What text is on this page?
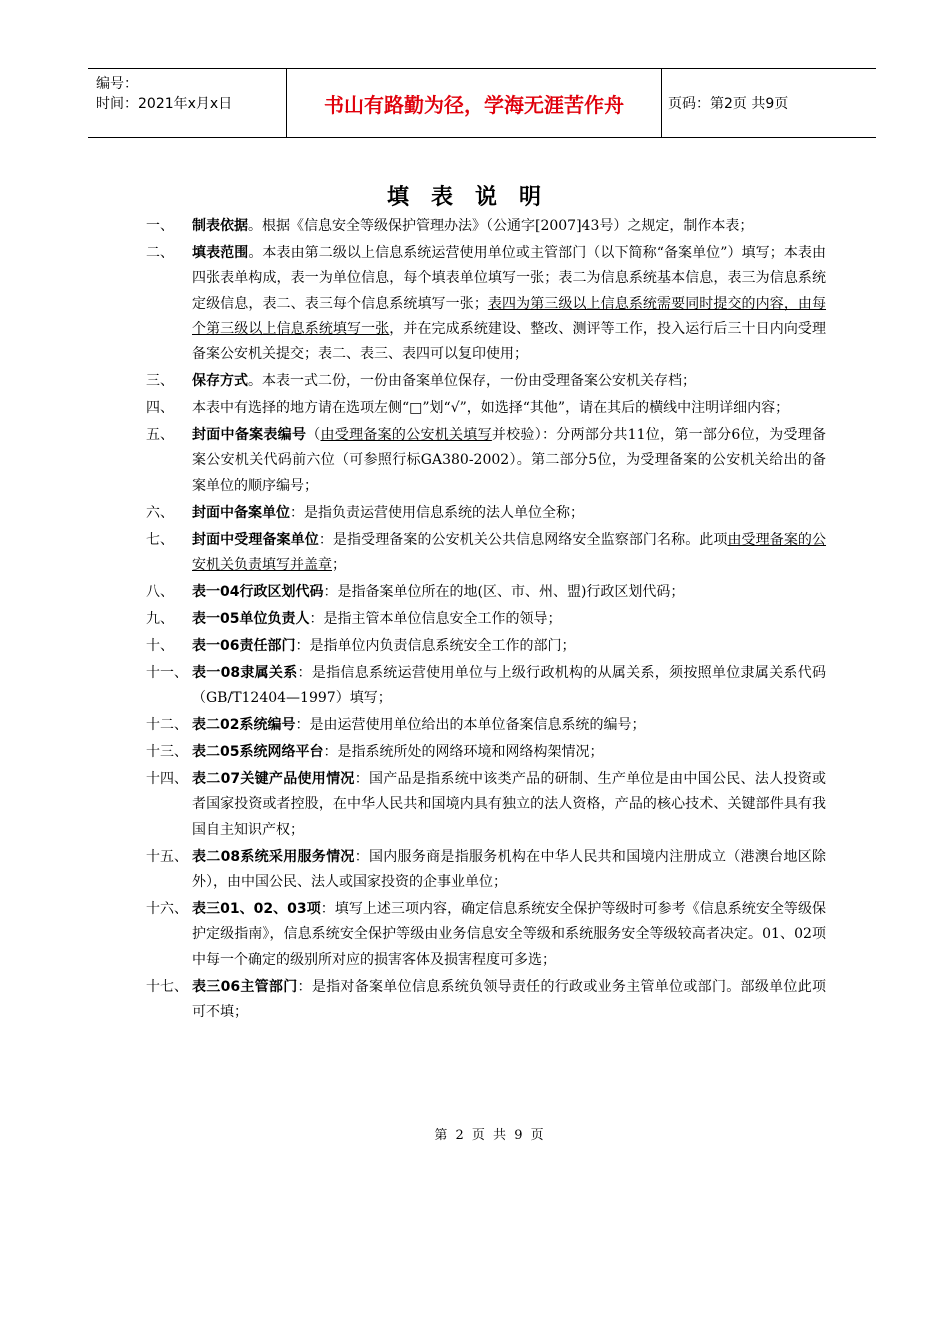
编号：
时间：2021年x月x日	书山有路勤为径，学海无涯苦作舟	页码：第2页 共9页
填表说明
一、	制表依据。根据《信息安全等级保护管理办法》（公通字[2007]43号）之规定，制作本表；
二、	填表范围。本表由第二级以上信息系统运营使用单位或主管部门（以下简称“备案单位”）填写；本表由四张表单构成，表一为单位信息，每个填表单位填写一张；表二为信息系统基本信息，表三为信息系统定级信息，表二、表三每个信息系统填写一张；表四为第三级以上信息系统需要同时提交的内容，由每个第三级以上信息系统填写一张，并在完成系统建设、整改、测评等工作，投入运行后三十日内向受理备案公安机关提交；表二、表三、表四可以复印使用；
三、	保存方式。本表一式二份，一份由备案单位保存，一份由受理备案公安机关存档；
四、	本表中有选择的地方请在选项左侧“□”划“√”，如选择“其他”，请在其后的横线中注明详细内容；
五、	封面中备案表编号（由受理备案的公安机关填写并校验）：分两部分共11位，第一部分6位，为受理备案公安机关代码前六位（可参照行标GA380-2002）。第二部分5位，为受理备案的公安机关给出的备案单位的顺序编号；
六、	封面中备案单位：是指负责运营使用信息系统的法人单位全称；
七、	封面中受理备案单位：是指受理备案的公安机关公共信息网络安全监察部门名称。此项由受理备案的公安机关负责填写并盖章；
八、	表一04行政区划代码：是指备案单位所在的地(区、市、州、盟)行政区划代码；
九、	表一05单位负责人：是指主管本单位信息安全工作的领导；
十、	表一06责任部门：是指单位内负责信息系统安全工作的部门；
十一、 表一08隶属关系：是指信息系统运营使用单位与上级行政机构的从属关系，须按照单位隶属关系代码（GB/T12404—1997）填写；
十二、 表二02系统编号：是由运营使用单位给出的本单位备案信息系统的编号；
十三、 表二05系统网络平台：是指系统所处的网络环境和网络构架情况；
十四、 表二07关键产品使用情况：国产品是指系统中该类产品的研制、生产单位是由中国公民、法人投资或者国家投资或者控股，在中华人民共和国境内具有独立的法人资格，产品的核心技术、关键部件具有我国自主知识产权；
十五、 表二08系统采用服务情况：国内服务商是指服务机构在中华人民共和国境内注册成立（港澳台地区除外），由中国公民、法人或国家投资的企事业单位；
十六、 表三01、02、03项：填写上述三项内容，确定信息系统安全保护等级时可参考《信息系统安全等级保护定级指南》，信息系统安全保护等级由业务信息安全等级和系统服务安全等级较高者决定。01、02项中每一个确定的级别所对应的损害客体及损害程度可多选；
十七、 表三06主管部门：是指对备案单位信息系统负领导责任的行政或业务主管单位或部门。部级单位此项可不填；
第 2 页 共 9 页
